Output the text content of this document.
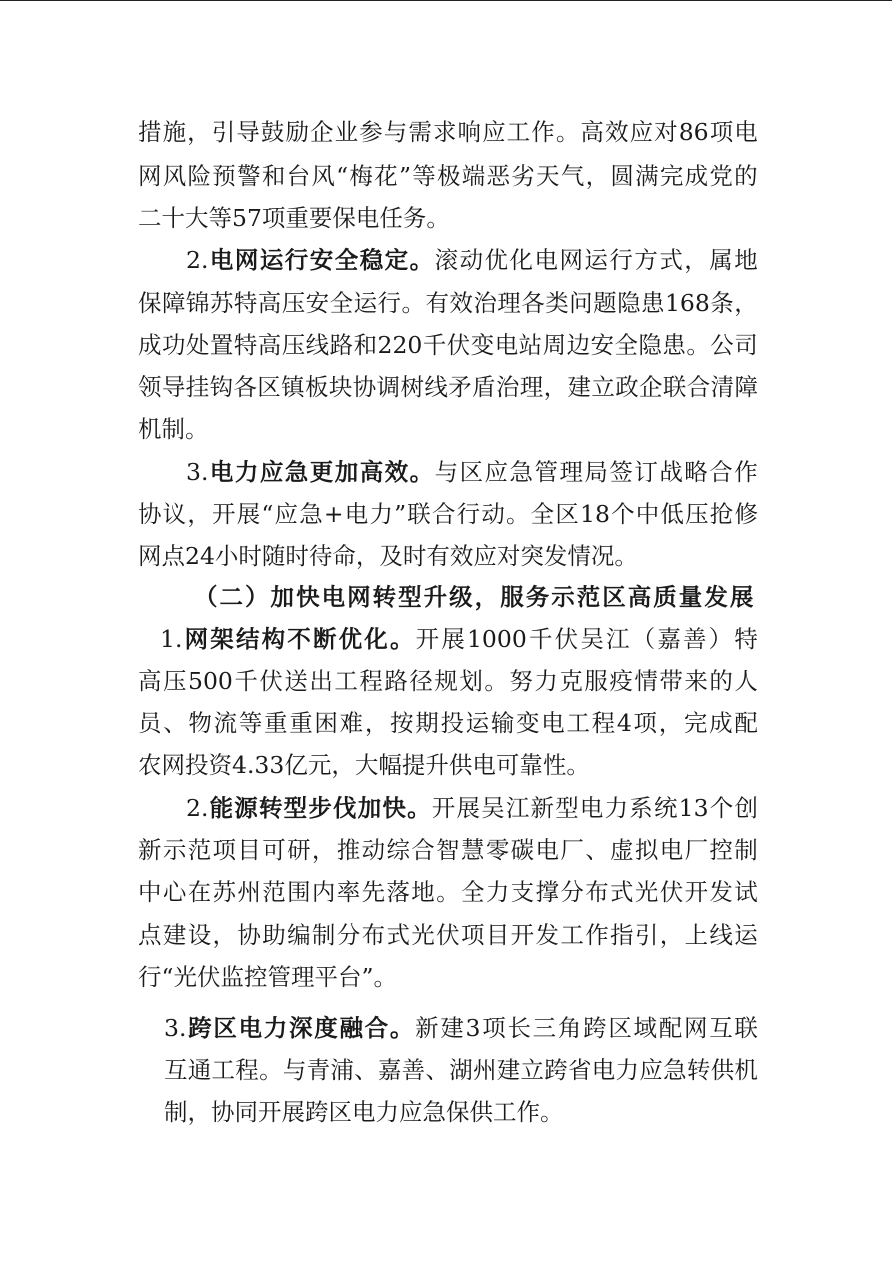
措 施 ， 引 导 鼓 励 企 业 参 与 需 求 响 应 工 作 。 高 效 应 对 86 项 电
网 风 险 预 警 和 台 风 “ 梅 花 ” 等 极 端 恶 劣 天 气 ， 圆 满 完 成 党 的
二 十 大 等 57 项 重 要 保 电 任 务 。
2. 电 网 运 行 安 全 稳 定 。 滚 动 优 化 电 网 运 行 方 式 ， 属 地
保 障 锦 苏 特 高 压 安 全 运 行 。 有 效 治 理 各 类 问 题 隐 患 168 条 ，
成 功 处 置 特 高 压 线 路 和 220 千 伏 变 电 站 周 边 安 全 隐 患 。 公 司
领 导 挂 钩 各 区 镇 板 块 协 调 树 线 矛 盾 治 理 ， 建 立 政 企 联 合 清 障
机 制 。
3. 电 力 应 急 更 加 高 效 。 与 区 应 急 管 理 局 签 订 战 略 合 作
协 议 ， 开 展 “ 应 急 + 电 力 ” 联 合 行 动 。 全 区 18 个 中 低 压 抢 修
网 点 24 小 时 随 时 待 命 ， 及 时 有 效 应 对 突 发 情 况 。
（ 二 ） 加 快 电 网 转 型 升 级 ， 服 务 示 范 区 高 质 量 发 展
1. 网 架 结 构 不 断 优 化 。 开 展 1000 千 伏 吴 江 （ 嘉 善 ） 特
高 压 500 千 伏 送 出 工 程 路 径 规 划 。 努 力 克 服 疫 情 带 来 的 人
员 、 物 流 等 重 重 困 难 ， 按 期 投 运 输 变 电 工 程 4 项 ， 完 成 配
农 网 投 资 4.33 亿 元 ， 大 幅 提 升 供 电 可 靠 性 。
2. 能 源 转 型 步 伐 加 快 。 开 展 吴 江 新 型 电 力 系 统 13 个 创
新 示 范 项 目 可 研 ， 推 动 综 合 智 慧 零 碳 电 厂 、 虚 拟 电 厂 控 制
中 心 在 苏 州 范 围 内 率 先 落 地 。 全 力 支 撑 分 布 式 光 伏 开 发 试
点 建 设 ， 协 助 编 制 分 布 式 光 伏 项 目 开 发 工 作 指 引 ， 上 线 运
行 “ 光 伏 监 控 管 理 平 台 ” 。
3. 跨 区 电 力 深 度 融 合 。 新 建 3 项 长 三 角 跨 区 域 配 网 互 联
互 通 工 程 。 与 青 浦 、 嘉 善 、 湖 州 建 立 跨 省 电 力 应 急 转 供 机
制 ， 协 同 开 展 跨 区 电 力 应 急 保 供 工 作 。
